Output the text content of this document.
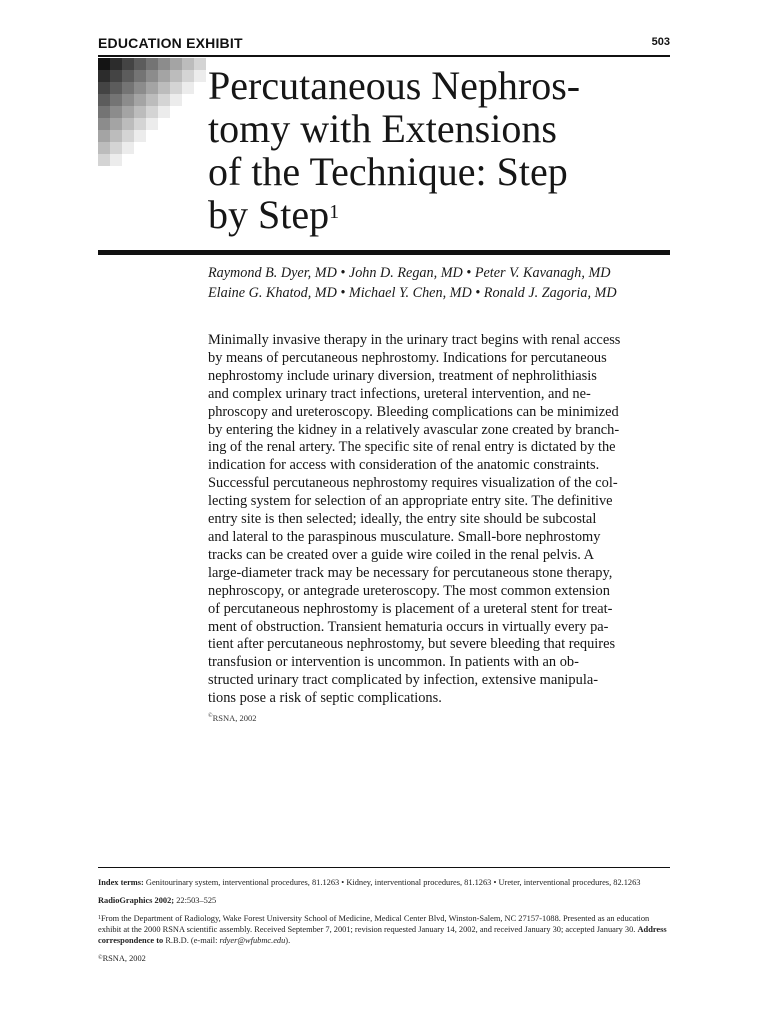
EDUCATION EXHIBIT	503
Percutaneous Nephros-
tomy with Extensions
of the Technique: Step
by Step$^1$
Raymond B. Dyer, MD • John D. Regan, MD • Peter V. Kavanagh, MD
Elaine G. Khatod, MD • Michael Y. Chen, MD • Ronald J. Zagoria, MD
Minimally invasive therapy in the urinary tract begins with renal access
by means of percutaneous nephrostomy. Indications for percutaneous
nephrostomy include urinary diversion, treatment of nephrolithiasis
and complex urinary tract infections, ureteral intervention, and ne-
phroscopy and ureteroscopy. Bleeding complications can be minimized
by entering the kidney in a relatively avascular zone created by branch-
ing of the renal artery. The specific site of renal entry is dictated by the
indication for access with consideration of the anatomic constraints.
Successful percutaneous nephrostomy requires visualization of the col-
lecting system for selection of an appropriate entry site. The definitive
entry site is then selected; ideally, the entry site should be subcostal
and lateral to the paraspinous musculature. Small-bore nephrostomy
tracks can be created over a guide wire coiled in the renal pelvis. A
large-diameter track may be necessary for percutaneous stone therapy,
nephroscopy, or antegrade ureteroscopy. The most common extension
of percutaneous nephrostomy is placement of a ureteral stent for treat-
ment of obstruction. Transient hematuria occurs in virtually every pa-
tient after percutaneous nephrostomy, but severe bleeding that requires
transfusion or intervention is uncommon. In patients with an ob-
structed urinary tract complicated by infection, extensive manipula-
tions pose a risk of septic complications.
©RSNA, 2002

Index terms: Genitourinary system, interventional procedures, 81.1263 • Kidney, interventional procedures, 81.1263 • Ureter, interventional procedures, 82.1263

RadioGraphics 2002; 22:503–525

$^1$From the Department of Radiology, Wake Forest University School of Medicine, Medical Center Blvd, Winston-Salem, NC 27157-1088. Presented as an education exhibit at the 2000 RSNA scientific assembly. Received September 7, 2001; revision requested January 14, 2002, and received January 30; accepted January 30. Address correspondence to R.B.D. (e-mail: rdyer@wfubmc.edu).

©RSNA, 2002
